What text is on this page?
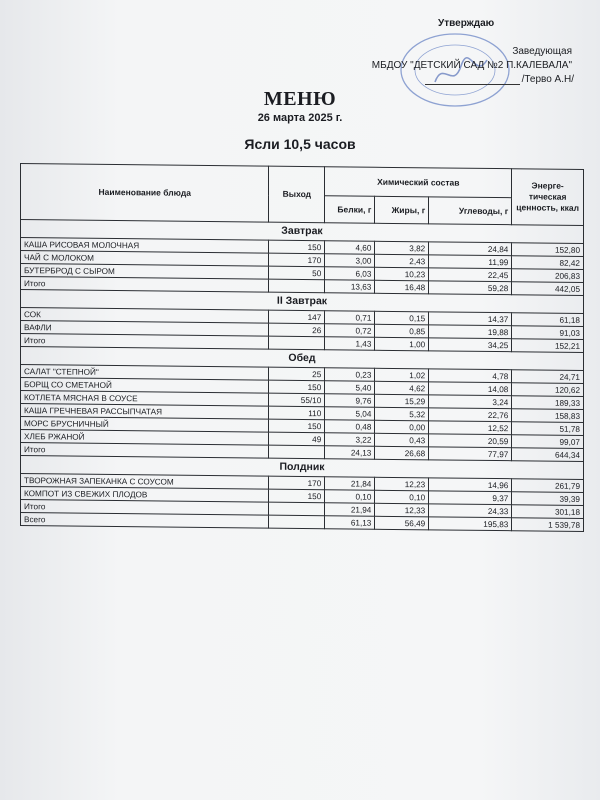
Утверждаю
Заведующая
МБДОУ "ДЕТСКИЙ САД №2 П.КАЛЕВАЛА"
/Терво А.Н/
МЕНЮ
26 марта 2025 г.
Ясли 10,5 часов
Наименование блюда	Выход	Химический состав			Энерге-тическая ценность, ккал
		Белки, г	Жиры, г	Углеводы, г	
Завтрак					
КАША РИСОВАЯ МОЛОЧНАЯ	150	4,60	3,82	24,84	152,80
ЧАЙ С МОЛОКОМ	170	3,00	2,43	11,99	82,42
БУТЕРБРОД С СЫРОМ	50	6,03	10,23	22,45	206,83
Итого		13,63	16,48	59,28	442,05
II Завтрак					
СОК	147	0,71	0,15	14,37	61,18
ВАФЛИ	26	0,72	0,85	19,88	91,03
Итого		1,43	1,00	34,25	152,21
Обед					
САЛАТ "СТЕПНОЙ"	25	0,23	1,02	4,78	24,71
БОРЩ СО СМЕТАНОЙ	150	5,40	4,62	14,08	120,62
КОТЛЕТА МЯСНАЯ В СОУСЕ	55/10	9,76	15,29	3,24	189,33
КАША ГРЕЧНЕВАЯ РАССЫПЧАТАЯ	110	5,04	5,32	22,76	158,83
МОРС БРУСНИЧНЫЙ	150	0,48	0,00	12,52	51,78
ХЛЕБ РЖАНОЙ	49	3,22	0,43	20,59	99,07
Итого		24,13	26,68	77,97	644,34
Полдник					
ТВОРОЖНАЯ ЗАПЕКАНКА С СОУСОМ	170	21,84	12,23	14,96	261,79
КОМПОТ ИЗ СВЕЖИХ ПЛОДОВ	150	0,10	0,10	9,37	39,39
Итого		21,94	12,33	24,33	301,18
Всего		61,13	56,49	195,83	1 539,78
